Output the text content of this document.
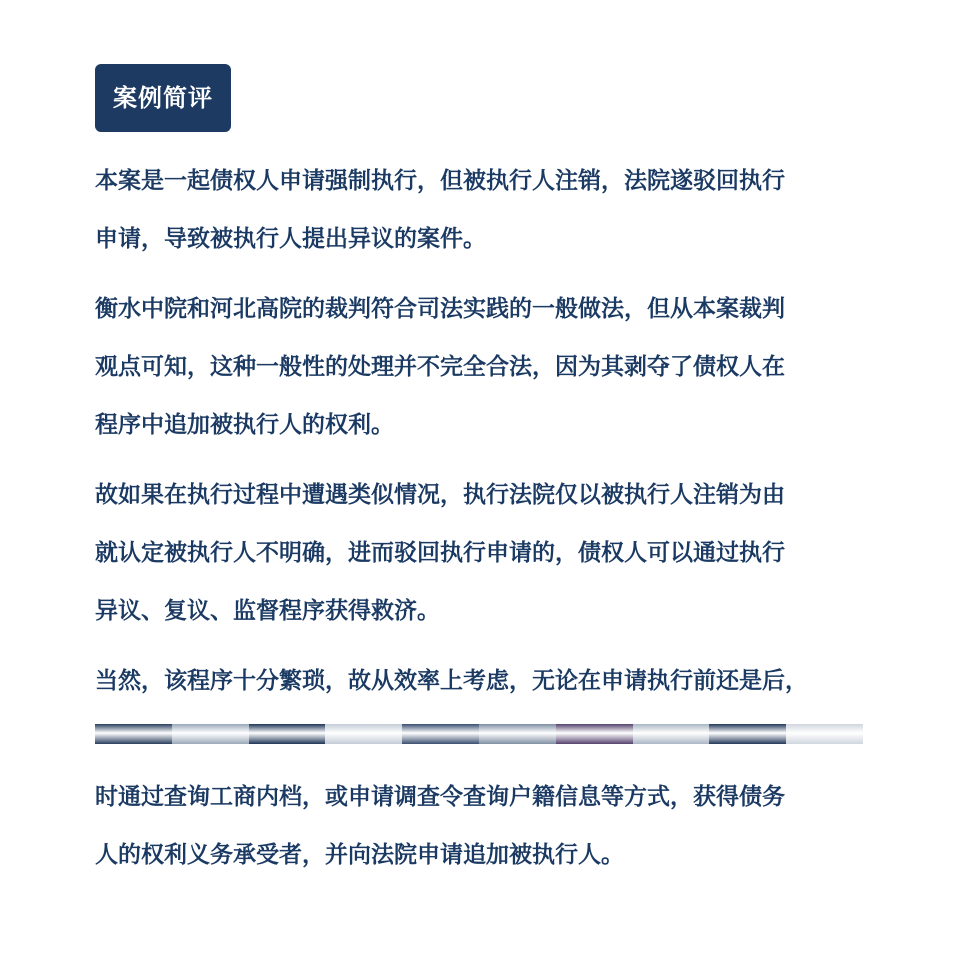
案例简评

本案是一起债权人申请强制执行，但被执行人注销，法院遂驳回执行
申请，导致被执行人提出异议的案件。

衡水中院和河北高院的裁判符合司法实践的一般做法，但从本案裁判
观点可知，这种一般性的处理并不完全合法，因为其剥夺了债权人在
程序中追加被执行人的权利。

故如果在执行过程中遭遇类似情况，执行法院仅以被执行人注销为由
就认定被执行人不明确，进而驳回执行申请的，债权人可以通过执行
异议、复议、监督程序获得救济。

当然，该程序十分繁琐，故从效率上考虑，无论在申请执行前还是后，

时通过查询工商内档，或申请调查令查询户籍信息等方式，获得债务
人的权利义务承受者，并向法院申请追加被执行人。
